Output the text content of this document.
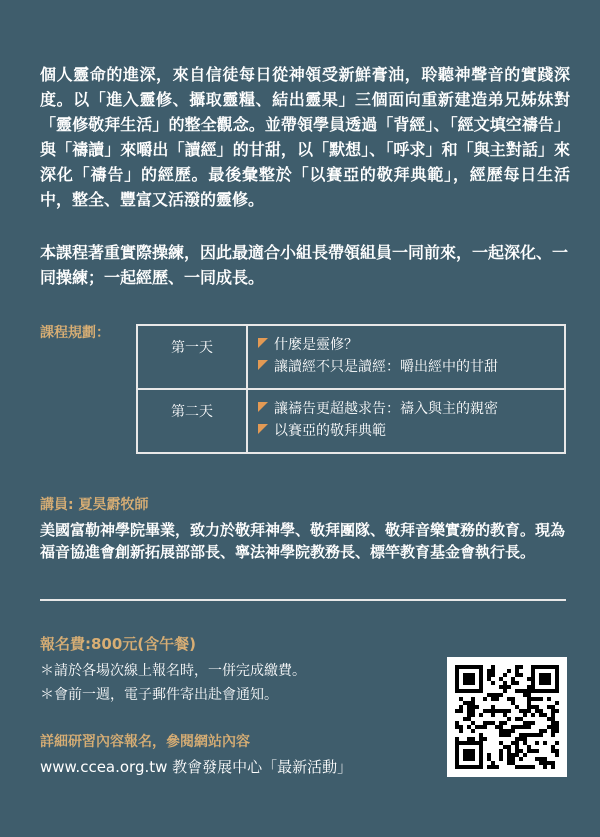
個人靈命的進深，來自信徒每日從神領受新鮮膏油，聆聽神聲音的實踐深度。以「進入靈修、攝取靈糧、結出靈果」三個面向重新建造弟兄姊妹對「靈修敬拜生活」的整全觀念。並帶領學員透過「背經」、「經文填空禱告」與「禱讀」來嚼出「讀經」的甘甜，以「默想」、「呼求」和「與主對話」來深化「禱告」的經歷。最後彙整於「以賽亞的敬拜典範」，經歷每日生活中，整全、豐富又活潑的靈修。

本課程著重實際操練，因此最適合小組長帶領組員一同前來，一起深化、一同操練；一起經歷、一同成長。

課程規劃：
第一天	什麼是靈修？
讓讀經不只是讀經：嚼出經中的甘甜

第二天	讓禱告更超越求告：禱入與主的親密
以賽亞的敬拜典範
講員: 夏昊霨牧師

美國富勒神學院畢業，致力於敬拜神學、敬拜團隊、敬拜音樂實務的教育。現為福音協進會創新拓展部部長、寧法神學院教務長、標竿教育基金會執行長。

報名費:800元(含午餐)
＊請於各場次線上報名時，一併完成繳費。
＊會前一週，電子郵件寄出赴會通知。
詳細研習內容報名，參閱網站內容
www.ccea.org.tw 教會發展中心「最新活動」
